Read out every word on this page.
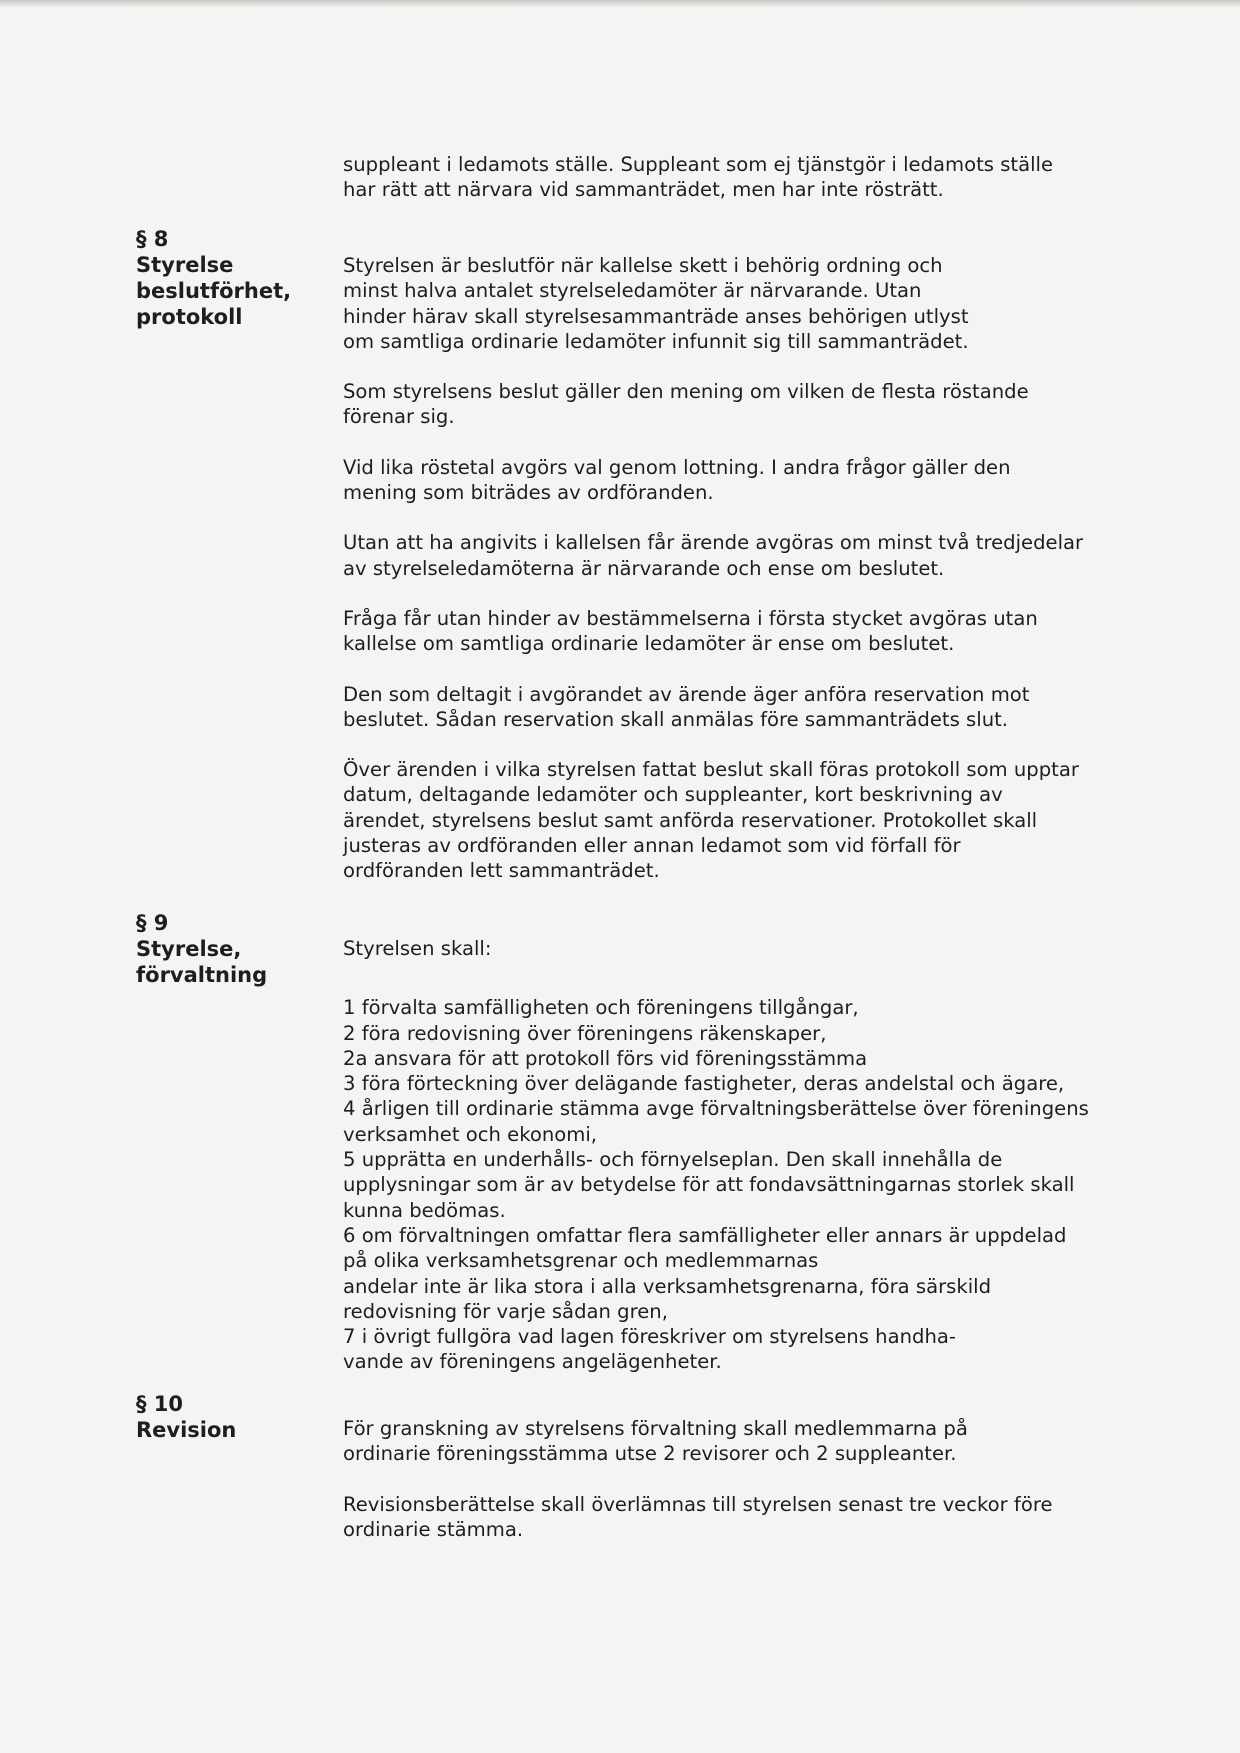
suppleant i ledamots ställe. Suppleant som ej tjänstgör i ledamots ställe

har rätt att närvara vid sammanträdet, men har inte rösträtt.

§ 8
Styrelse
beslutförhet,
protokoll

Styrelsen är beslutför när kallelse skett i behörig ordning och

minst halva antalet styrelseledamöter är närvarande. Utan

hinder härav skall styrelsesammanträde anses behörigen utlyst

om samtliga ordinarie ledamöter infunnit sig till sammanträdet.

Som styrelsens beslut gäller den mening om vilken de flesta röstande

förenar sig.

Vid lika röstetal avgörs val genom lottning. I andra frågor gäller den

mening som biträdes av ordföranden.

Utan att ha angivits i kallelsen får ärende avgöras om minst två tredjedelar

av styrelseledamöterna är närvarande och ense om beslutet.

Fråga får utan hinder av bestämmelserna i första stycket avgöras utan

kallelse om samtliga ordinarie ledamöter är ense om beslutet.

Den som deltagit i avgörandet av ärende äger anföra reservation mot

beslutet. Sådan reservation skall anmälas före sammanträdets slut.

Över ärenden i vilka styrelsen fattat beslut skall föras protokoll som upptar

datum, deltagande ledamöter och suppleanter, kort beskrivning av

ärendet, styrelsens beslut samt anförda reservationer. Protokollet skall

justeras av ordföranden eller annan ledamot som vid förfall för

ordföranden lett sammanträdet.

§ 9
Styrelse,
förvaltning

Styrelsen skall:

1 förvalta samfälligheten och föreningens tillgångar,

2 föra redovisning över föreningens räkenskaper,

2a ansvara för att protokoll förs vid föreningsstämma

3 föra förteckning över delägande fastigheter, deras andelstal och ägare,

4 årligen till ordinarie stämma avge förvaltningsberättelse över föreningens

verksamhet och ekonomi,

5 upprätta en underhålls- och förnyelseplan. Den skall innehålla de

upplysningar som är av betydelse för att fondavsättningarnas storlek skall

kunna bedömas.

6 om förvaltningen omfattar flera samfälligheter eller annars är uppdelad

på olika verksamhetsgrenar och medlemmarnas

andelar inte är lika stora i alla verksamhetsgrenarna, föra särskild

redovisning för varje sådan gren,

7 i övrigt fullgöra vad lagen föreskriver om styrelsens handha-

vande av föreningens angelägenheter.

§ 10
Revision	För granskning av styrelsens förvaltning skall medlemmarna på

ordinarie föreningsstämma utse 2 revisorer och 2 suppleanter.

Revisionsberättelse skall överlämnas till styrelsen senast tre veckor före

ordinarie stämma.
